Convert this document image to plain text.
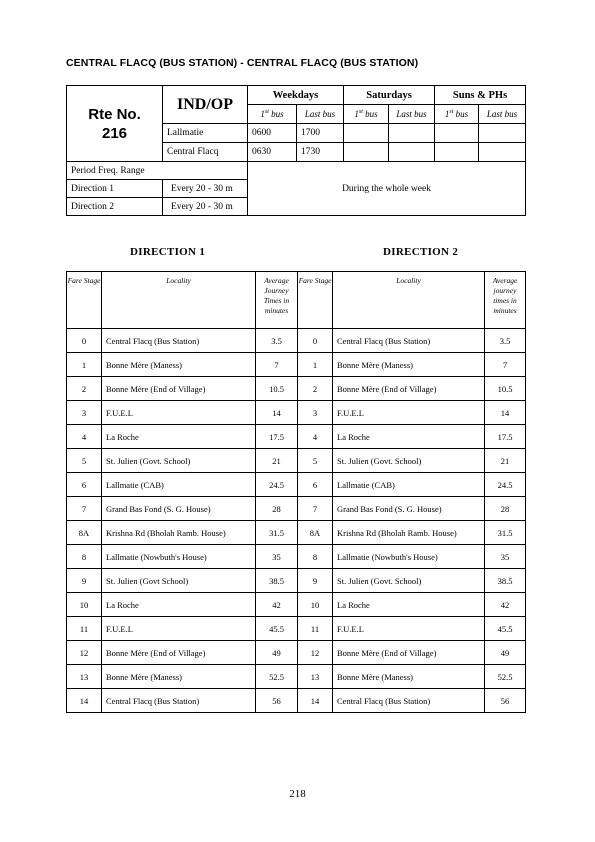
CENTRAL FLACQ (BUS STATION) - CENTRAL FLACQ (BUS STATION)
Rte No.
216	IND/OP	Weekdays		Saturdays		Suns & PHs	
		1st bus	Last bus	1st bus	Last bus	1st bus	Last bus
	Lallmatie	0600	1700				
	Central Flacq	0630	1730				
Period Freq. Range		During the whole week					
Direction 1	Every 20 - 30 m						
Direction 2	Every 20 - 30 m						
DIRECTION 1	DIRECTION 2
Fare Stage	Locality	Average Journey Times in minutes	Fare Stage	Locality	Average journey times in minutes
0	Central Flacq (Bus Station)	3.5	0	Central Flacq (Bus Station)	3.5
1	Bonne Mère (Maness)	7	1	Bonne Mère (Maness)	7
2	Bonne Mère (End of Village)	10.5	2	Bonne Mère (End of Village)	10.5
3	F.U.E.L	14	3	F.U.E.L	14
4	La Roche	17.5	4	La Roche	17.5
5	St. Julien (Govt. School)	21	5	St. Julien (Govt. School)	21
6	Lallmatie (CAB)	24.5	6	Lallmatie (CAB)	24.5
7	Grand Bas Fond (S. G. House)	28	7	Grand Bas Fond (S. G. House)	28
8A	Krishna Rd (Bholah Ramb. House)	31.5	8A	Krishna Rd (Bholah Ramb. House)	31.5
8	Lallmatie (Nowbuth's House)	35	8	Lallmatie (Nowbuth's House)	35
9	St. Julien (Govt School)	38.5	9	St. Julien (Govt. School)	38.5
10	La Roche	42	10	La Roche	42
11	F.U.E.L	45.5	11	F.U.E.L	45.5
12	Bonne Mère (End of Village)	49	12	Bonne Mère (End of Village)	49
13	Bonne Mère (Maness)	52.5	13	Bonne Mère (Maness)	52.5
14	Central Flacq (Bus Station)	56	14	Central Flacq (Bus Station)	56
218
